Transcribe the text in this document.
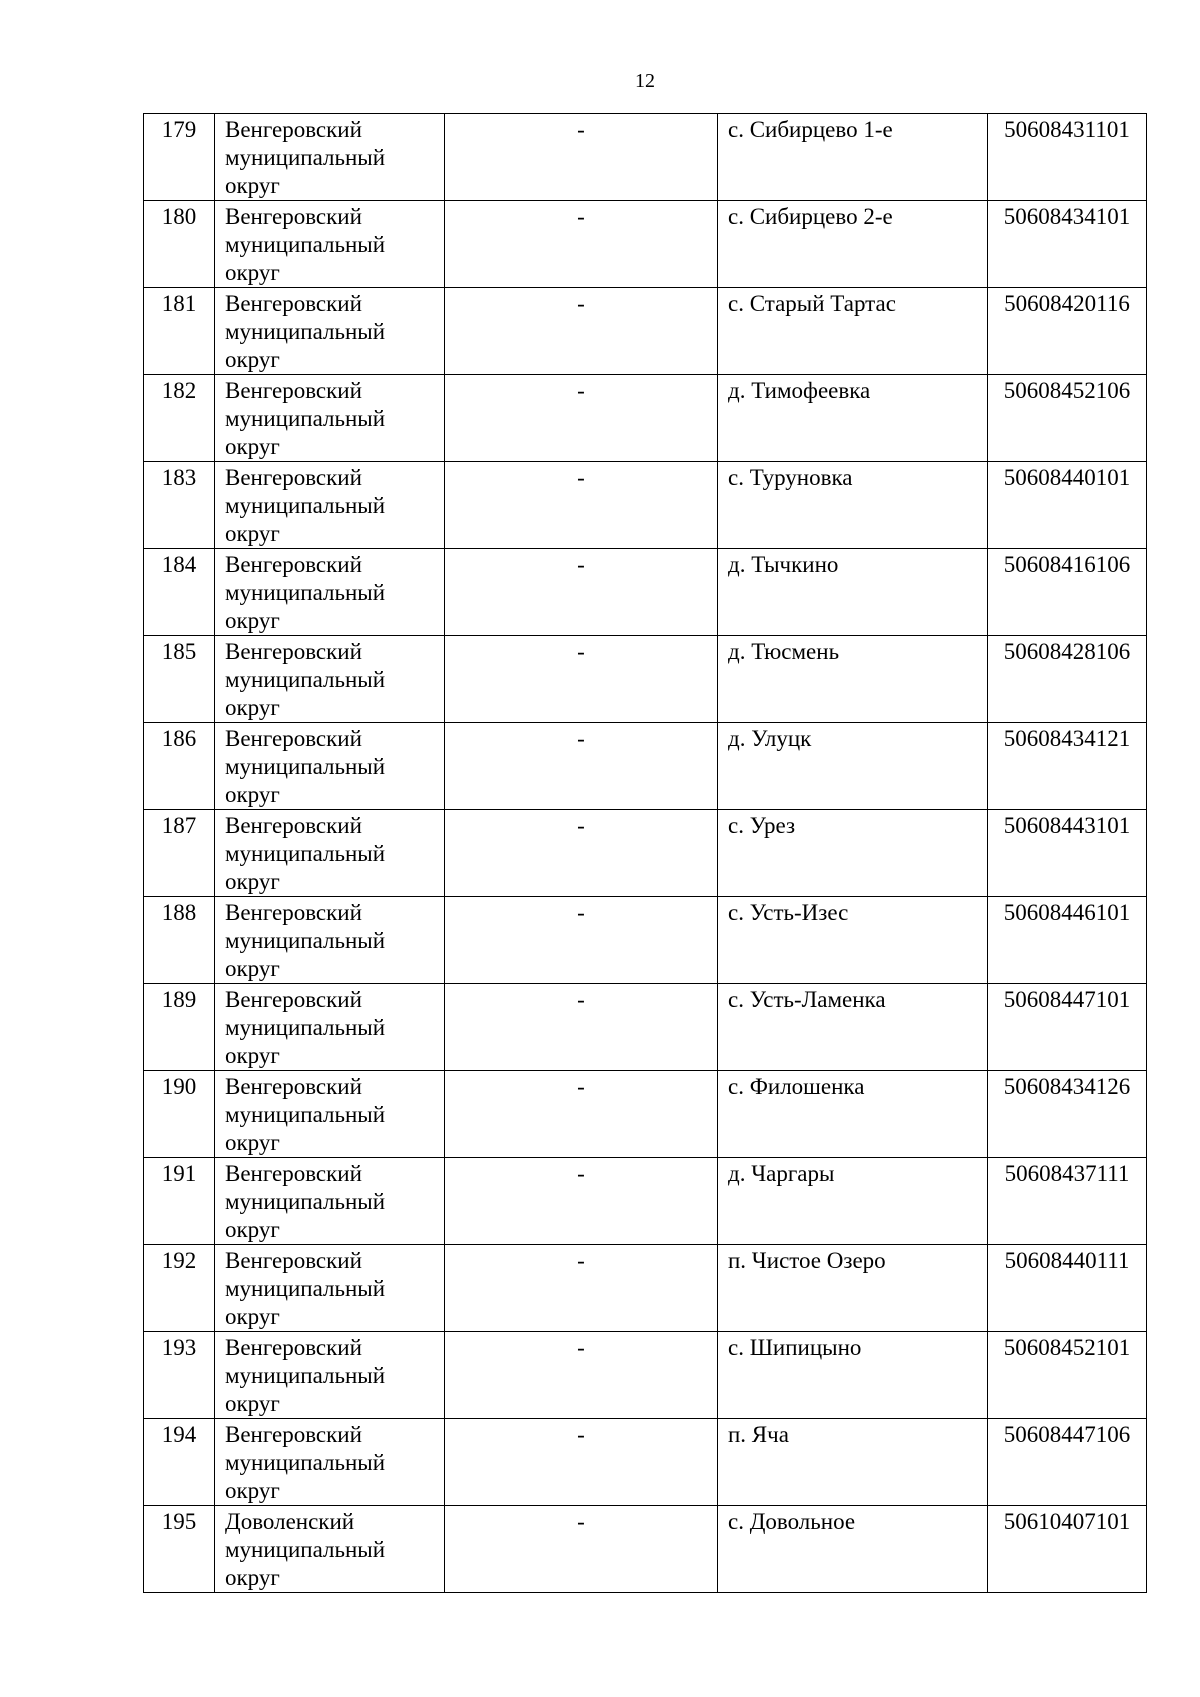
12
179	Венгеровский муниципальный округ	-	с. Сибирцево 1-е	50608431101
180	Венгеровский муниципальный округ	-	с. Сибирцево 2-е	50608434101
181	Венгеровский муниципальный округ	-	с. Старый Тартас	50608420116
182	Венгеровский муниципальный округ	-	д. Тимофеевка	50608452106
183	Венгеровский муниципальный округ	-	с. Туруновка	50608440101
184	Венгеровский муниципальный округ	-	д. Тычкино	50608416106
185	Венгеровский муниципальный округ	-	д. Тюсмень	50608428106
186	Венгеровский муниципальный округ	-	д. Улуцк	50608434121
187	Венгеровский муниципальный округ	-	с. Урез	50608443101
188	Венгеровский муниципальный округ	-	с. Усть-Изес	50608446101
189	Венгеровский муниципальный округ	-	с. Усть-Ламенка	50608447101
190	Венгеровский муниципальный округ	-	с. Филошенка	50608434126
191	Венгеровский муниципальный округ	-	д. Чаргары	50608437111
192	Венгеровский муниципальный округ	-	п. Чистое Озеро	50608440111
193	Венгеровский муниципальный округ	-	с. Шипицыно	50608452101
194	Венгеровский муниципальный округ	-	п. Яча	50608447106
195	Доволенский муниципальный округ	-	с. Довольное	50610407101
